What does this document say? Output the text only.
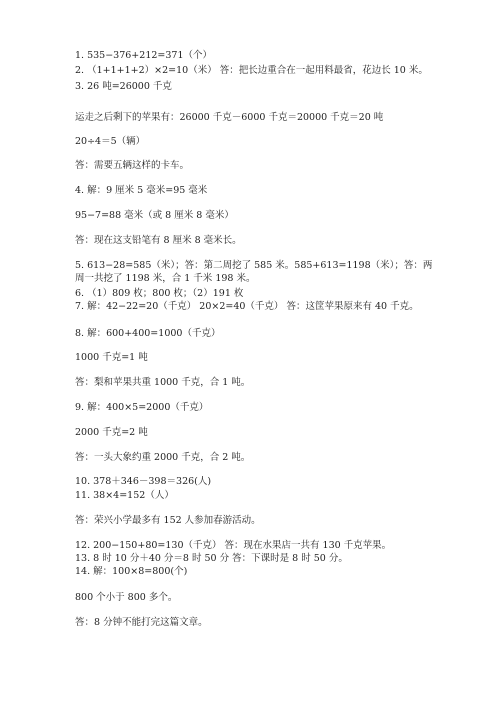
1. 535−376+212=371（个）
2. （1+1+1+2）×2=10（米） 答：把长边重合在一起用料最省，花边长 10 米。
3. 26 吨=26000 千克
运走之后剩下的苹果有：26000 千克－6000 千克＝20000 千克＝20 吨
20÷4＝5（辆）
答：需要五辆这样的卡车。
4. 解：9 厘米 5 毫米=95 毫米
95−7=88 毫米（或 8 厘米 8 毫米）
答：现在这支铅笔有 8 厘米 8 毫米长。
5. 613−28=585（米）；答：第二周挖了 585 米。585+613=1198（米）；答：两周一共挖了 1198 米，合 1 千米 198 米。
6. （1）809 枚；800 枚；（2）191 枚
7. 解：42−22=20（千克） 20×2=40（千克） 答：这筐苹果原来有 40 千克。
8. 解：600+400=1000（千克）
1000 千克=1 吨
答：梨和苹果共重 1000 千克，合 1 吨。
9. 解：400×5=2000（千克）
2000 千克=2 吨
答：一头大象约重 2000 千克，合 2 吨。
10. 378＋346－398＝326(人)
11. 38×4=152（人）
答：荣兴小学最多有 152 人参加春游活动。
12. 200−150+80=130（千克） 答：现在水果店一共有 130 千克苹果。
13. 8 时 10 分＋40 分＝8 时 50 分 答：下课时是 8 时 50 分。
14. 解：100×8=800(个)
800 个小于 800 多个。
答：8 分钟不能打完这篇文章。
